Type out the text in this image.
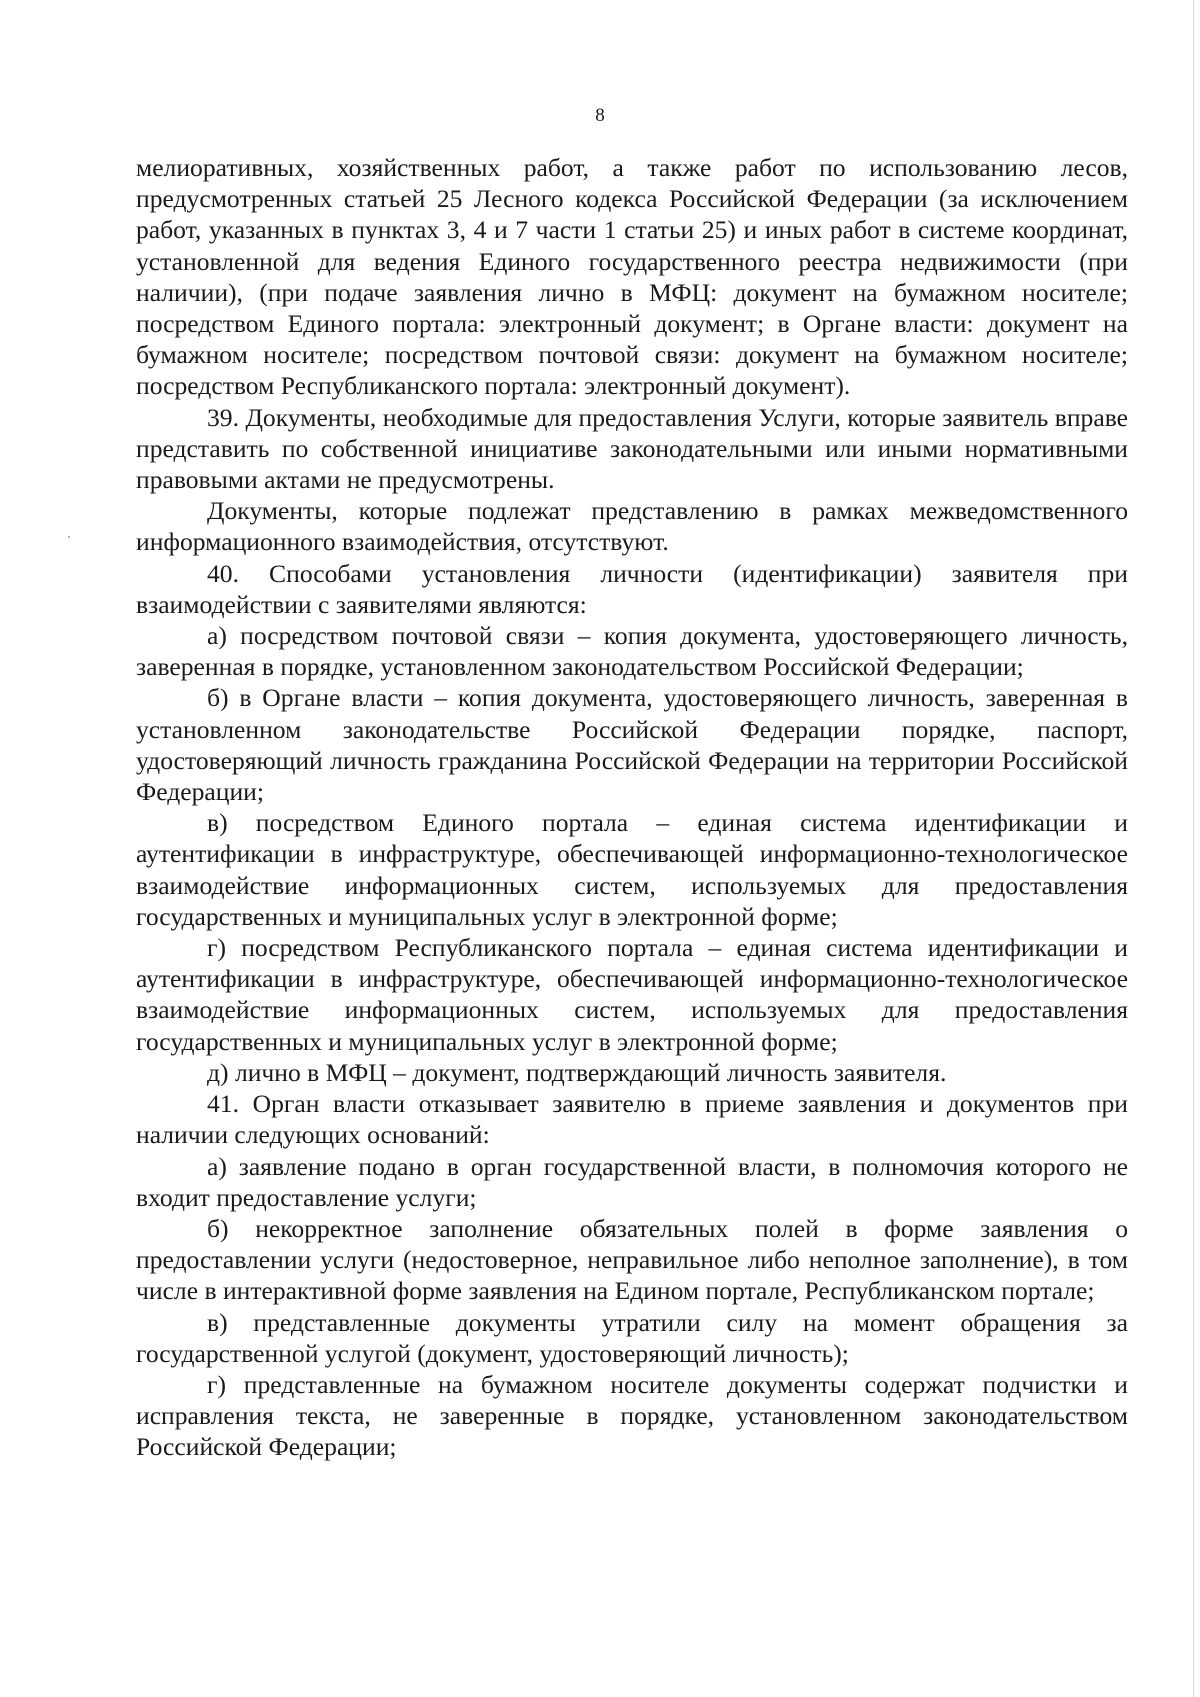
8

мелиоративных, хозяйственных работ, а также работ по использованию лесов, предусмотренных статьей 25 Лесного кодекса Российской Федерации (за исключением работ, указанных в пунктах 3, 4 и 7 части 1 статьи 25) и иных работ в системе координат, установленной для ведения Единого государственного реестра недвижимости (при наличии), (при подаче заявления лично в МФЦ: документ на бумажном носителе; посредством Единого портала: электронный документ; в Органе власти: документ на бумажном носителе; посредством почтовой связи: документ на бумажном носителе; посредством Республиканского портала: электронный документ).

39. Документы, необходимые для предоставления Услуги, которые заявитель вправе представить по собственной инициативе законодательными или иными нормативными правовыми актами не предусмотрены.

Документы, которые подлежат представлению в рамках межведомственного информационного взаимодействия, отсутствуют.

40. Способами установления личности (идентификации) заявителя при взаимодействии с заявителями являются:

а) посредством почтовой связи – копия документа, удостоверяющего личность, заверенная в порядке, установленном законодательством Российской Федерации;

б) в Органе власти – копия документа, удостоверяющего личность, заверенная в установленном законодательстве Российской Федерации порядке, паспорт, удостоверяющий личность гражданина Российской Федерации на территории Российской Федерации;

в) посредством Единого портала – единая система идентификации и аутентификации в инфраструктуре, обеспечивающей информационно-технологическое взаимодействие информационных систем, используемых для предоставления государственных и муниципальных услуг в электронной форме;

г) посредством Республиканского портала – единая система идентификации и аутентификации в инфраструктуре, обеспечивающей информационно-технологическое взаимодействие информационных систем, используемых для предоставления государственных и муниципальных услуг в электронной форме;

д) лично в МФЦ – документ, подтверждающий личность заявителя.

41. Орган власти отказывает заявителю в приеме заявления и документов при наличии следующих оснований:

а) заявление подано в орган государственной власти, в полномочия которого не входит предоставление услуги;

б) некорректное заполнение обязательных полей в форме заявления о предоставлении услуги (недостоверное, неправильное либо неполное заполнение), в том числе в интерактивной форме заявления на Едином портале, Республиканском портале;

в) представленные документы утратили силу на момент обращения за государственной услугой (документ, удостоверяющий личность);

г) представленные на бумажном носителе документы содержат подчистки и исправления текста, не заверенные в порядке, установленном законодательством Российской Федерации;
